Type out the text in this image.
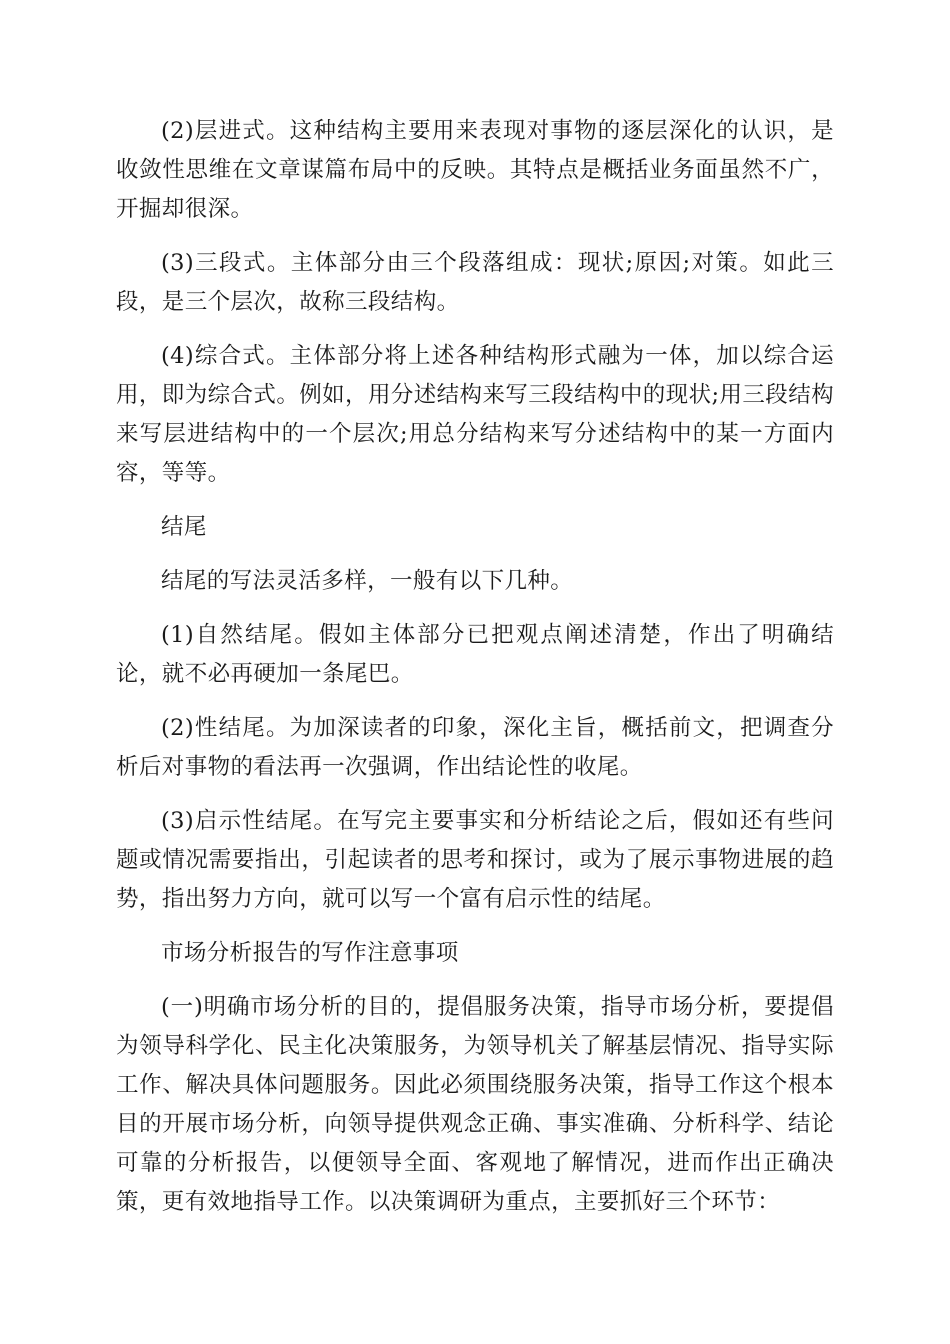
(2)层进式。这种结构主要用来表现对事物的逐层深化的认识，是收敛性思维在文章谋篇布局中的反映。其特点是概括业务面虽然不广，开掘却很深。

(3)三段式。主体部分由三个段落组成：现状;原因;对策。如此三段，是三个层次，故称三段结构。

(4)综合式。主体部分将上述各种结构形式融为一体，加以综合运用，即为综合式。例如，用分述结构来写三段结构中的现状;用三段结构来写层进结构中的一个层次;用总分结构来写分述结构中的某一方面内容，等等。

结尾

结尾的写法灵活多样，一般有以下几种。

(1)自然结尾。假如主体部分已把观点阐述清楚，作出了明确结论，就不必再硬加一条尾巴。

(2)性结尾。为加深读者的印象，深化主旨，概括前文，把调查分析后对事物的看法再一次强调，作出结论性的收尾。

(3)启示性结尾。在写完主要事实和分析结论之后，假如还有些问题或情况需要指出，引起读者的思考和探讨，或为了展示事物进展的趋势，指出努力方向，就可以写一个富有启示性的结尾。

市场分析报告的写作注意事项

(一)明确市场分析的目的，提倡服务决策，指导市场分析，要提倡为领导科学化、民主化决策服务，为领导机关了解基层情况、指导实际工作、解决具体问题服务。因此必须围绕服务决策，指导工作这个根本目的开展市场分析，向领导提供观念正确、事实准确、分析科学、结论可靠的分析报告，以便领导全面、客观地了解情况，进而作出正确决策，更有效地指导工作。以决策调研为重点，主要抓好三个环节：
